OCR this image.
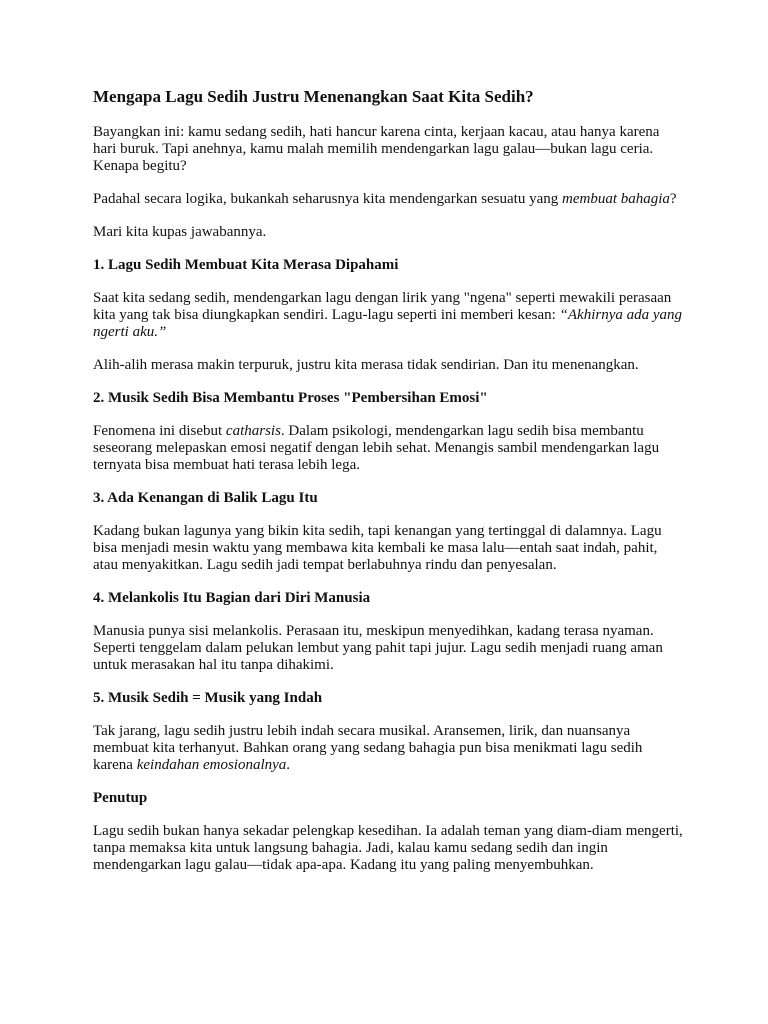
Mengapa Lagu Sedih Justru Menenangkan Saat Kita Sedih?

Bayangkan ini: kamu sedang sedih, hati hancur karena cinta, kerjaan kacau, atau hanya karena hari buruk. Tapi anehnya, kamu malah memilih mendengarkan lagu galau—bukan lagu ceria. Kenapa begitu?

Padahal secara logika, bukankah seharusnya kita mendengarkan sesuatu yang membuat bahagia?

Mari kita kupas jawabannya.

1. Lagu Sedih Membuat Kita Merasa Dipahami

Saat kita sedang sedih, mendengarkan lagu dengan lirik yang "ngena" seperti mewakili perasaan kita yang tak bisa diungkapkan sendiri. Lagu-lagu seperti ini memberi kesan: “Akhirnya ada yang ngerti aku.”

Alih-alih merasa makin terpuruk, justru kita merasa tidak sendirian. Dan itu menenangkan.

2. Musik Sedih Bisa Membantu Proses "Pembersihan Emosi"

Fenomena ini disebut catharsis. Dalam psikologi, mendengarkan lagu sedih bisa membantu seseorang melepaskan emosi negatif dengan lebih sehat. Menangis sambil mendengarkan lagu ternyata bisa membuat hati terasa lebih lega.

3. Ada Kenangan di Balik Lagu Itu

Kadang bukan lagunya yang bikin kita sedih, tapi kenangan yang tertinggal di dalamnya. Lagu bisa menjadi mesin waktu yang membawa kita kembali ke masa lalu—entah saat indah, pahit, atau menyakitkan. Lagu sedih jadi tempat berlabuhnya rindu dan penyesalan.

4. Melankolis Itu Bagian dari Diri Manusia

Manusia punya sisi melankolis. Perasaan itu, meskipun menyedihkan, kadang terasa nyaman. Seperti tenggelam dalam pelukan lembut yang pahit tapi jujur. Lagu sedih menjadi ruang aman untuk merasakan hal itu tanpa dihakimi.

5. Musik Sedih = Musik yang Indah

Tak jarang, lagu sedih justru lebih indah secara musikal. Aransemen, lirik, dan nuansanya membuat kita terhanyut. Bahkan orang yang sedang bahagia pun bisa menikmati lagu sedih karena keindahan emosionalnya.

Penutup

Lagu sedih bukan hanya sekadar pelengkap kesedihan. Ia adalah teman yang diam-diam mengerti, tanpa memaksa kita untuk langsung bahagia. Jadi, kalau kamu sedang sedih dan ingin mendengarkan lagu galau—tidak apa-apa. Kadang itu yang paling menyembuhkan.
